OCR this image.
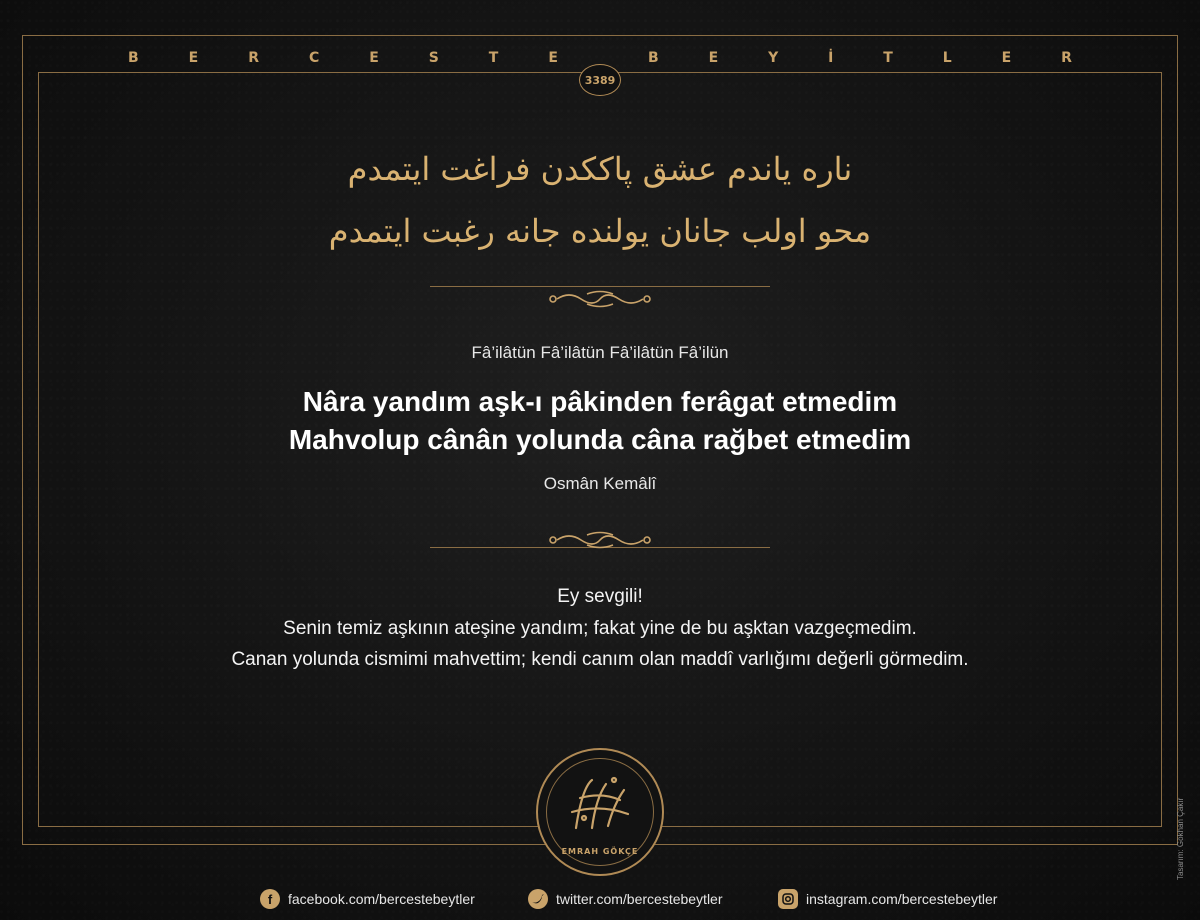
B	E	R	C	E	S	T	E	B	E	Y	İ	T	L	E	R
3389
ناره ياندم عشق پاككدن فراغت ايتمدم
محو اولب جانان يولنده جانه رغبت ايتمدم
Fâ’ilâtün Fâ’ilâtün Fâ’ilâtün Fâ’ilün
Nâra yandım aşk-ı pâkinden ferâgat etmedim
Mahvolup cânân yolunda câna rağbet etmedim
Osmân Kemâlî
Ey sevgili!
Senin temiz aşkının ateşine yandım; fakat yine de bu aşktan vazgeçmedim.
Canan yolunda cismimi mahvettim; kendi canım olan maddî varlığımı değerli görmedim.
EMRAH GÖKÇE
f	facebook.com/bercestebeytler	twitter.com/bercestebeytler	instagram.com/bercestebeytler
Tasarım: Gökhan Çakır
